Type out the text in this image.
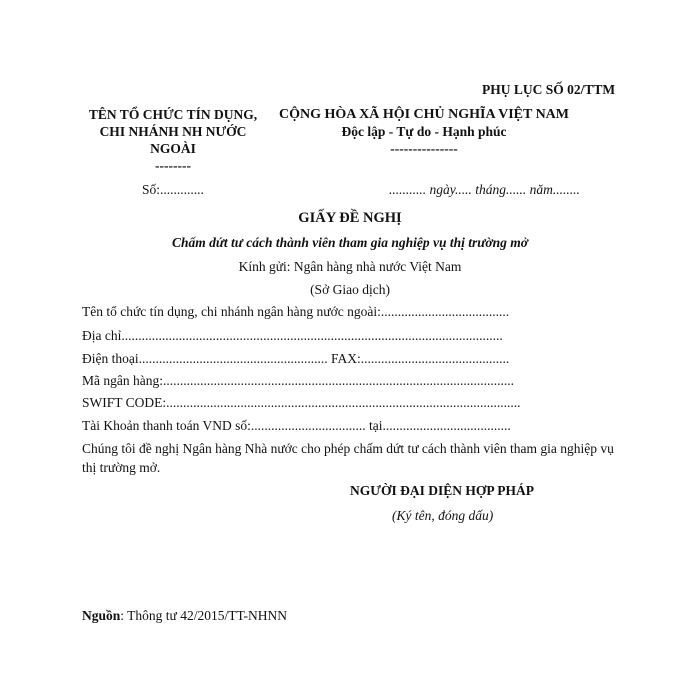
PHỤ LỤC SỐ 02/TTM
TÊN TỔ CHỨC TÍN DỤNG,
CHI NHÁNH NH NƯỚC
NGOÀI
--------
CỘNG HÒA XÃ HỘI CHỦ NGHĨA VIỆT NAM
Độc lập - Tự do - Hạnh phúc
---------------
Số:.............	........... ngày..... tháng...... năm........
GIẤY ĐỀ NGHỊ
Chấm dứt tư cách thành viên tham gia nghiệp vụ thị trường mở
Kính gửi: Ngân hàng nhà nước Việt Nam
(Sở Giao dịch)
Tên tổ chức tín dụng, chi nhánh ngân hàng nước ngoài:......................................
Địa chỉ.................................................................................................................
Điện thoại........................................................ FAX:............................................
Mã ngân hàng:........................................................................................................
SWIFT CODE:.........................................................................................................
Tài Khoản thanh toán VND số:.................................. tại......................................
Chúng tôi đề nghị Ngân hàng Nhà nước cho phép chấm dứt tư cách thành viên tham gia nghiệp vụ thị trường mở.
NGƯỜI ĐẠI DIỆN HỢP PHÁP
(Ký tên, đóng dấu)
Nguồn: Thông tư 42/2015/TT-NHNN
